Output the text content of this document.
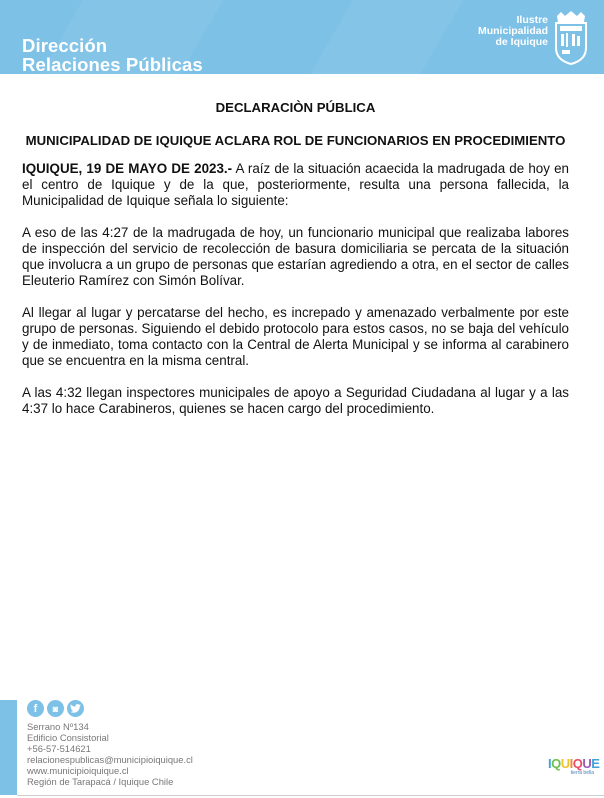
Dirección
Relaciones Públicas
Ilustre
Municipalidad
de Iquique
DECLARACIÒN PÚBLICA
MUNICIPALIDAD DE IQUIQUE ACLARA ROL DE FUNCIONARIOS EN PROCEDIMIENTO

IQUIQUE, 19 DE MAYO DE 2023.- A raíz de la situación acaecida la madrugada de hoy en el centro de Iquique y de la que, posteriormente, resulta una persona fallecida, la Municipalidad de Iquique señala lo siguiente:

A eso de las 4:27 de la madrugada de hoy, un funcionario municipal que realizaba labores de inspección del servicio de recolección de basura domiciliaria se percata de la situación que involucra a un grupo de personas que estarían agrediendo a otra, en el sector de calles Eleuterio Ramírez con Simón Bolívar.

Al llegar al lugar y percatarse del hecho, es increpado y amenazado verbalmente por este grupo de personas. Siguiendo el debido protocolo para estos casos, no se baja del vehículo y de inmediato, toma contacto con la Central de Alerta Municipal y se informa al carabinero que se encuentra en la misma central.

A las 4:32 llegan inspectores municipales de apoyo a Seguridad Ciudadana al lugar y a las 4:37 lo hace Carabineros, quienes se hacen cargo del procedimiento.

f	◙
Serrano Nº134
Edificio Consistorial
+56-57-514621
relacionespublicas@municipioiquique.cl
www.municipioiquique.cl
Región de Tarapacá / Iquique Chile
IQUIQUE
tierra bella
